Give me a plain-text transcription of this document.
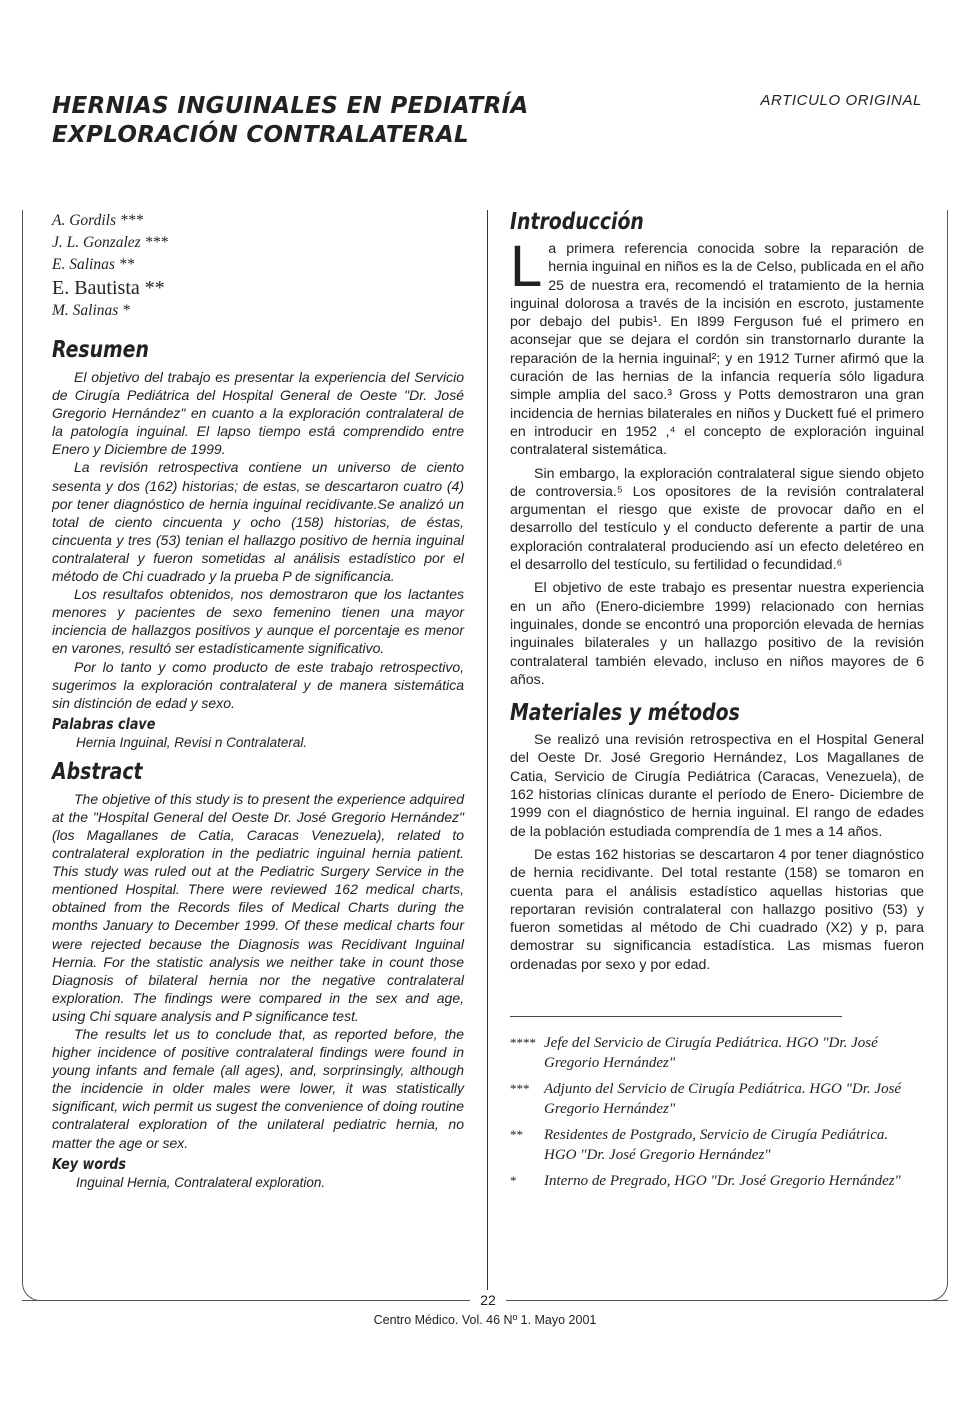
HERNIAS INGUINALES EN PEDIATRÍA
EXPLORACIÓN CONTRALATERAL
ARTICULO ORIGINAL
A. Gordils ***
J. L. Gonzalez ***
E. Salinas **
E. Bautista **
M. Salinas *
Resumen

El objetivo del trabajo es presentar la experiencia del Servicio de Cirugía Pediátrica del Hospital General de Oeste "Dr. José Gregorio Hernández" en cuanto a la exploración contralateral de la patología inguinal. El lapso tiempo está comprendido entre Enero y Diciembre de 1999.

La revisión retrospectiva contiene un universo de ciento sesenta y dos (162) historias; de estas, se descartaron cuatro (4) por tener diagnóstico de hernia inguinal recidivante.Se analizó un total de ciento cincuenta y ocho (158) historias, de éstas, cincuenta y tres (53) tenian el hallazgo positivo de hernia inguinal contralateral y fueron sometidas al análisis estadístico por el método de Chi cuadrado y la prueba P de significancia.

Los resultafos obtenidos, nos demostraron que los lactantes menores y pacientes de sexo femenino tienen una mayor inciencia de hallazgos positivos y aunque el porcentaje es menor en varones, resultó ser estadísticamente significativo.

Por lo tanto y como producto de este trabajo retrospectivo, sugerimos la exploración contralateral y de manera sistemática sin distinción de edad y sexo.

Palabras clave
Hernia Inguinal, Revisi n Contralateral.
Abstract

The objetive of this study is to present the experience adquired at the "Hospital General del Oeste Dr. José Gregorio Hernández" (los Magallanes de Catia, Caracas Venezuela), related to contralateral exploration in the pediatric inguinal hernia patient. This study was ruled out at the Pediatric Surgery Service in the mentioned Hospital. There were reviewed 162 medical charts, obtained from the Records files of Medical Charts during the months January to December 1999. Of these medical charts four were rejected because the Diagnosis was Recidivant Inguinal Hernia. For the statistic analysis we neither take in count those Diagnosis of bilateral hernia nor the negative contralateral exploration. The findings were compared in the sex and age, using Chi square analysis and P significance test.

The results let us to conclude that, as reported before, the higher incidence of positive contralateral findings were found in young infants and female (all ages), and, sorprinsingly, although the incidencie in older males were lower, it was statistically significant, wich permit us sugest the convenience of doing routine contralateral exploration of the unilateral pediatric hernia, no matter the age or sex.

Key words
Inguinal Hernia, Contralateral exploration.
Introducción

La primera referencia conocida sobre la reparación de hernia inguinal en niños es la de Celso, publicada en el año 25 de nuestra era, recomendó el tratamiento de la hernia inguinal dolorosa a través de la incisión en escroto, justamente por debajo del pubis¹. En I899 Ferguson fué el primero en aconsejar que se dejara el cordón sin transtornarlo durante la reparación de la hernia inguinal²; y en 1912 Turner afirmó que la curación de las hernias de la infancia requería sólo ligadura simple amplia del saco.³ Gross y Potts demostraron una gran incidencia de hernias bilaterales en niños y Duckett fué el primero en introducir en 1952 ,⁴ el concepto de exploración inguinal contralateral sistemática.

Sin embargo, la exploración contralateral sigue siendo objeto de controversia.⁵ Los opositores de la revisión contralateral argumentan el riesgo que existe de provocar daño en el desarrollo del testículo y el conducto deferente a partir de una exploración contralateral produciendo así un efecto deletéreo en el desarrollo del testículo, su fertilidad o fecundidad.⁶

El objetivo de este trabajo es presentar nuestra experiencia en un año (Enero-diciembre 1999) relacionado con hernias inguinales, donde se encontró una proporción elevada de hernias inguinales bilaterales y un hallazgo positivo de la revisión contralateral también elevado, incluso en niños mayores de 6 años.

Materiales y métodos

Se realizó una revisión retrospectiva en el Hospital General del Oeste Dr. José Gregorio Hernández, Los Magallanes de Catia, Servicio de Cirugía Pediátrica (Caracas, Venezuela), de 162 historias clínicas durante el período de Enero- Diciembre de 1999 con el diagnóstico de hernia inguinal. El rango de edades de la población estudiada comprendía de 1 mes a 14 años.

De estas 162 historias se descartaron 4 por tener diagnóstico de hernia recidivante. Del total restante (158) se tomaron en cuenta para el análisis estadístico aquellas historias que reportaran revisión contralateral con hallazgo positivo (53) y fueron sometidas al método de Chi cuadrado (X2) y p, para demostrar su significancia estadística. Las mismas fueron ordenadas por sexo y por edad.

**** Jefe del Servicio de Cirugía Pediátrica. HGO "Dr. José Gregorio Hernández"
*** Adjunto del Servicio de Cirugía Pediátrica. HGO "Dr. José Gregorio Hernández"
**	Residentes de Postgrado, Servicio de Cirugía Pediátrica. HGO "Dr. José Gregorio Hernández"
*	Interno de Pregrado, HGO "Dr. José Gregorio Hernández"
22
Centro Médico. Vol. 46 Nº 1. Mayo 2001
